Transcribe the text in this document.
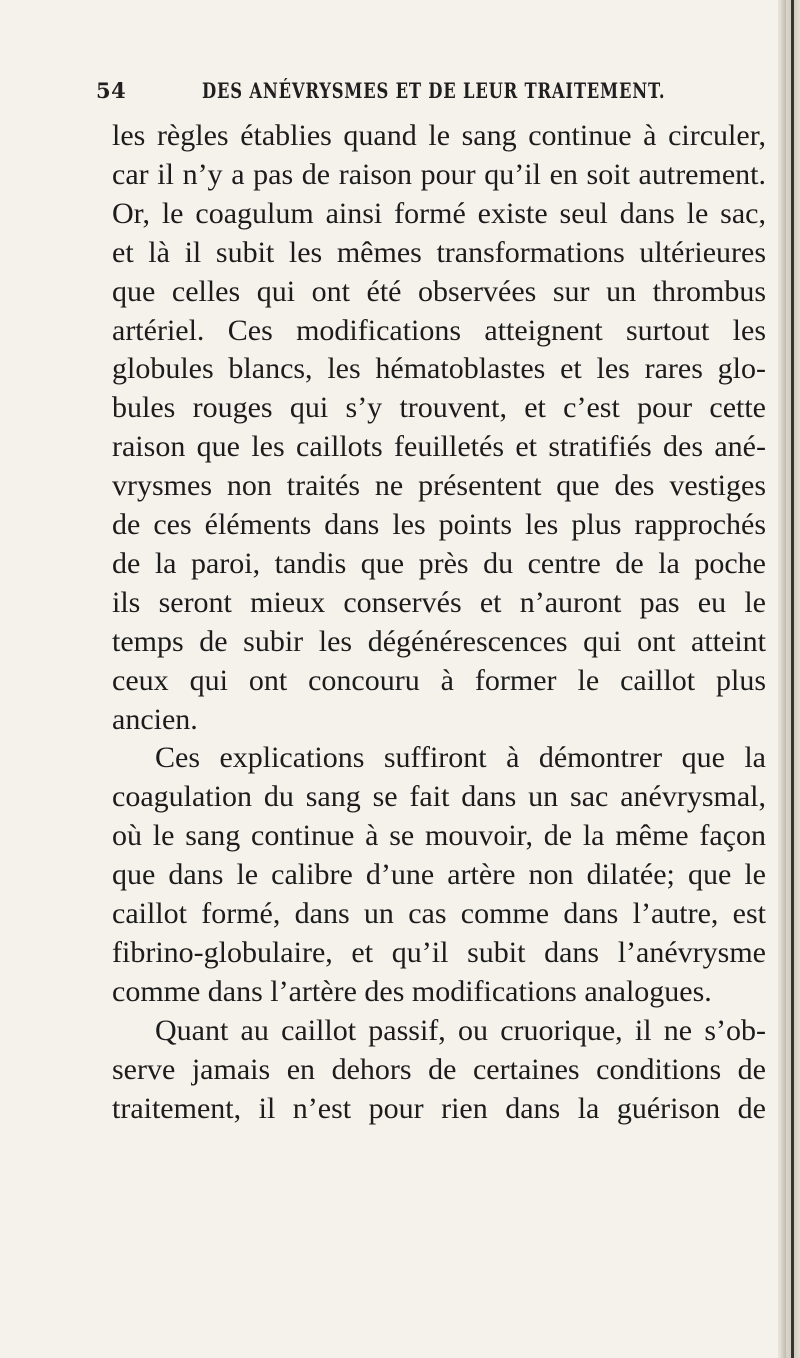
54	DES ANÉVRYSMES ET DE LEUR TRAITEMENT.
les règles établies quand le sang continue à circuler,
car il n’y a pas de raison pour qu’il en soit autrement.
Or, le coagulum ainsi formé existe seul dans le sac,
et là il subit les mêmes transformations ultérieures
que celles qui ont été observées sur un thrombus
artériel. Ces modifications atteignent surtout les
globules blancs, les hématoblastes et les rares glo-
bules rouges qui s’y trouvent, et c’est pour cette
raison que les caillots feuilletés et stratifiés des ané-
vrysmes non traités ne présentent que des vestiges
de ces éléments dans les points les plus rapprochés
de la paroi, tandis que près du centre de la poche
ils seront mieux conservés et n’auront pas eu le
temps de subir les dégénérescences qui ont atteint
ceux qui ont concouru à former le caillot plus
ancien.
Ces explications suffiront à démontrer que la
coagulation du sang se fait dans un sac anévrysmal,
où le sang continue à se mouvoir, de la même façon
que dans le calibre d’une artère non dilatée; que le
caillot formé, dans un cas comme dans l’autre, est
fibrino-globulaire, et qu’il subit dans l’anévrysme
comme dans l’artère des modifications analogues.
Quant au caillot passif, ou cruorique, il ne s’ob-
serve jamais en dehors de certaines conditions de
traitement, il n’est pour rien dans la guérison de
